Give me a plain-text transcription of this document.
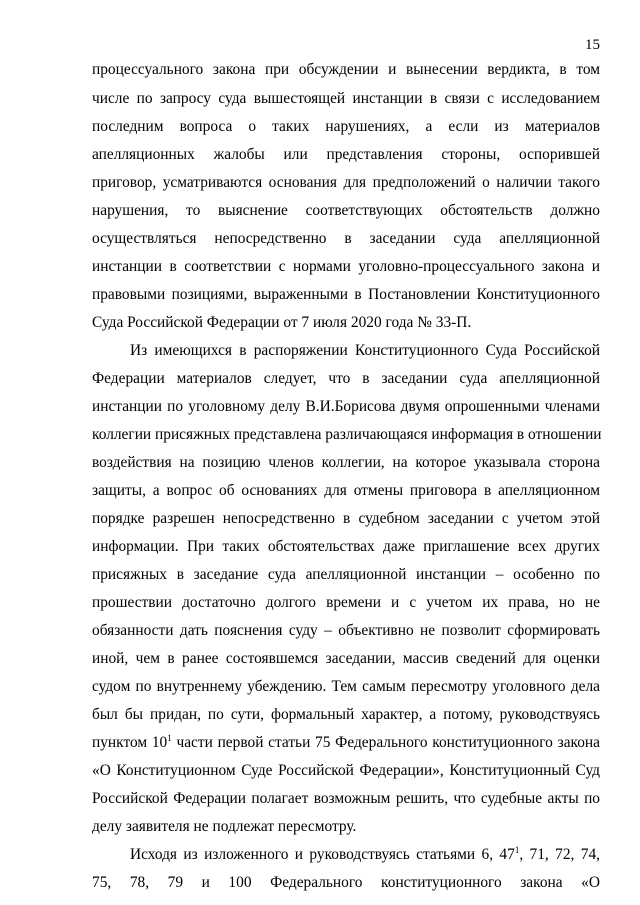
15
процессуального закона при обсуждении и вынесении вердикта, в том
числе по запросу суда вышестоящей инстанции в связи с исследованием
последним вопроса о таких нарушениях, а если из материалов
апелляционных жалобы или представления стороны, оспорившей
приговор, усматриваются основания для предположений о наличии такого
нарушения, то выяснение соответствующих обстоятельств должно
осуществляться непосредственно в заседании суда апелляционной
инстанции в соответствии с нормами уголовно-процессуального закона и
правовыми позициями, выраженными в Постановлении Конституционного
Суда Российской Федерации от 7 июля 2020 года № 33-П.
Из имеющихся в распоряжении Конституционного Суда Российской
Федерации материалов следует, что в заседании суда апелляционной
инстанции по уголовному делу В.И.Борисова двумя опрошенными членами
коллегии присяжных представлена различающаяся информация в отношении
воздействия на позицию членов коллегии, на которое указывала сторона
защиты, а вопрос об основаниях для отмены приговора в апелляционном
порядке разрешен непосредственно в судебном заседании с учетом этой
информации. При таких обстоятельствах даже приглашение всех других
присяжных в заседание суда апелляционной инстанции – особенно по
прошествии достаточно долгого времени и с учетом их права, но не
обязанности дать пояснения суду – объективно не позволит сформировать
иной, чем в ранее состоявшемся заседании, массив сведений для оценки
судом по внутреннему убеждению. Тем самым пересмотру уголовного дела
был бы придан, по сути, формальный характер, а потому, руководствуясь
пунктом $10^1$ части первой статьи 75 Федерального конституционного закона
«О Конституционном Суде Российской Федерации», Конституционный Суд
Российской Федерации полагает возможным решить, что судебные акты по
делу заявителя не подлежат пересмотру.
Исходя из изложенного и руководствуясь статьями 6, $47^1$, 71, 72, 74,
75, 78, 79 и 100 Федерального конституционного закона «О
